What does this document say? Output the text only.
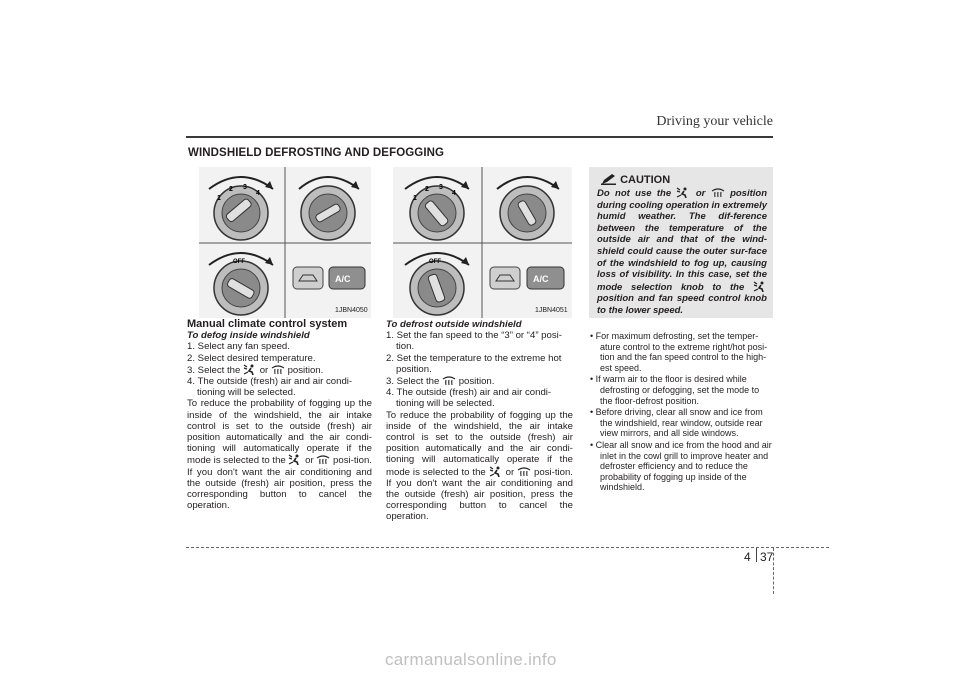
Driving your vehicle
WINDSHIELD DEFROSTING AND DEFOGGING
1
2 3
4
OFF
A/C
1JBN4050
1
2 3
4
OFF
A/C
1JBN4051

Manual climate control system

To defog inside windshield

1. Select any fan speed.

2. Select desired temperature.

3. Select the or position.

4. The outside (fresh) air and air condi-tioning will be selected.

To reduce the probability of fogging up the inside of the windshield, the air intake control is set to the outside (fresh) air position automatically and the air condi-tioning will automatically operate if the mode is selected to the or posi-tion. If you don't want the air conditioning and the outside (fresh) air position, press the corresponding button to cancel the operation.

To defrost outside windshield

1. Set the fan speed to the “3” or “4” posi-tion.

2. Set the temperature to the extreme hot position.

3. Select the position.

4. The outside (fresh) air and air condi-tioning will be selected.

To reduce the probability of fogging up the inside of the windshield, the air intake control is set to the outside (fresh) air position automatically and the air condi-tioning will automatically operate if the mode is selected to the or posi-tion. If you don't want the air conditioning and the outside (fresh) air position, press the corresponding button to cancel the operation.

CAUTION
Do not use the	or	position during cooling operation in extremely humid weather. The dif-ference between the temperature of the outside air and that of the wind-shield could cause the outer sur-face of the windshield to fog up, causing loss of visibility. In this case, set the mode selection knob to the  position and fan speed control knob to the lower speed.
• For maximum defrosting, set the temper-ature control to the extreme right/hot posi-tion and the fan speed control to the high-est speed.
• If warm air to the floor is desired while defrosting or defogging, set the mode to the floor-defrost position.
• Before driving, clear all snow and ice from the windshield, rear window, outside rear view mirrors, and all side windows.
• Clear all snow and ice from the hood and air inlet in the cowl grill to improve heater and defroster efficiency and to reduce the probability of fogging up inside of the windshield.
4 37
carmanualsonline.info
